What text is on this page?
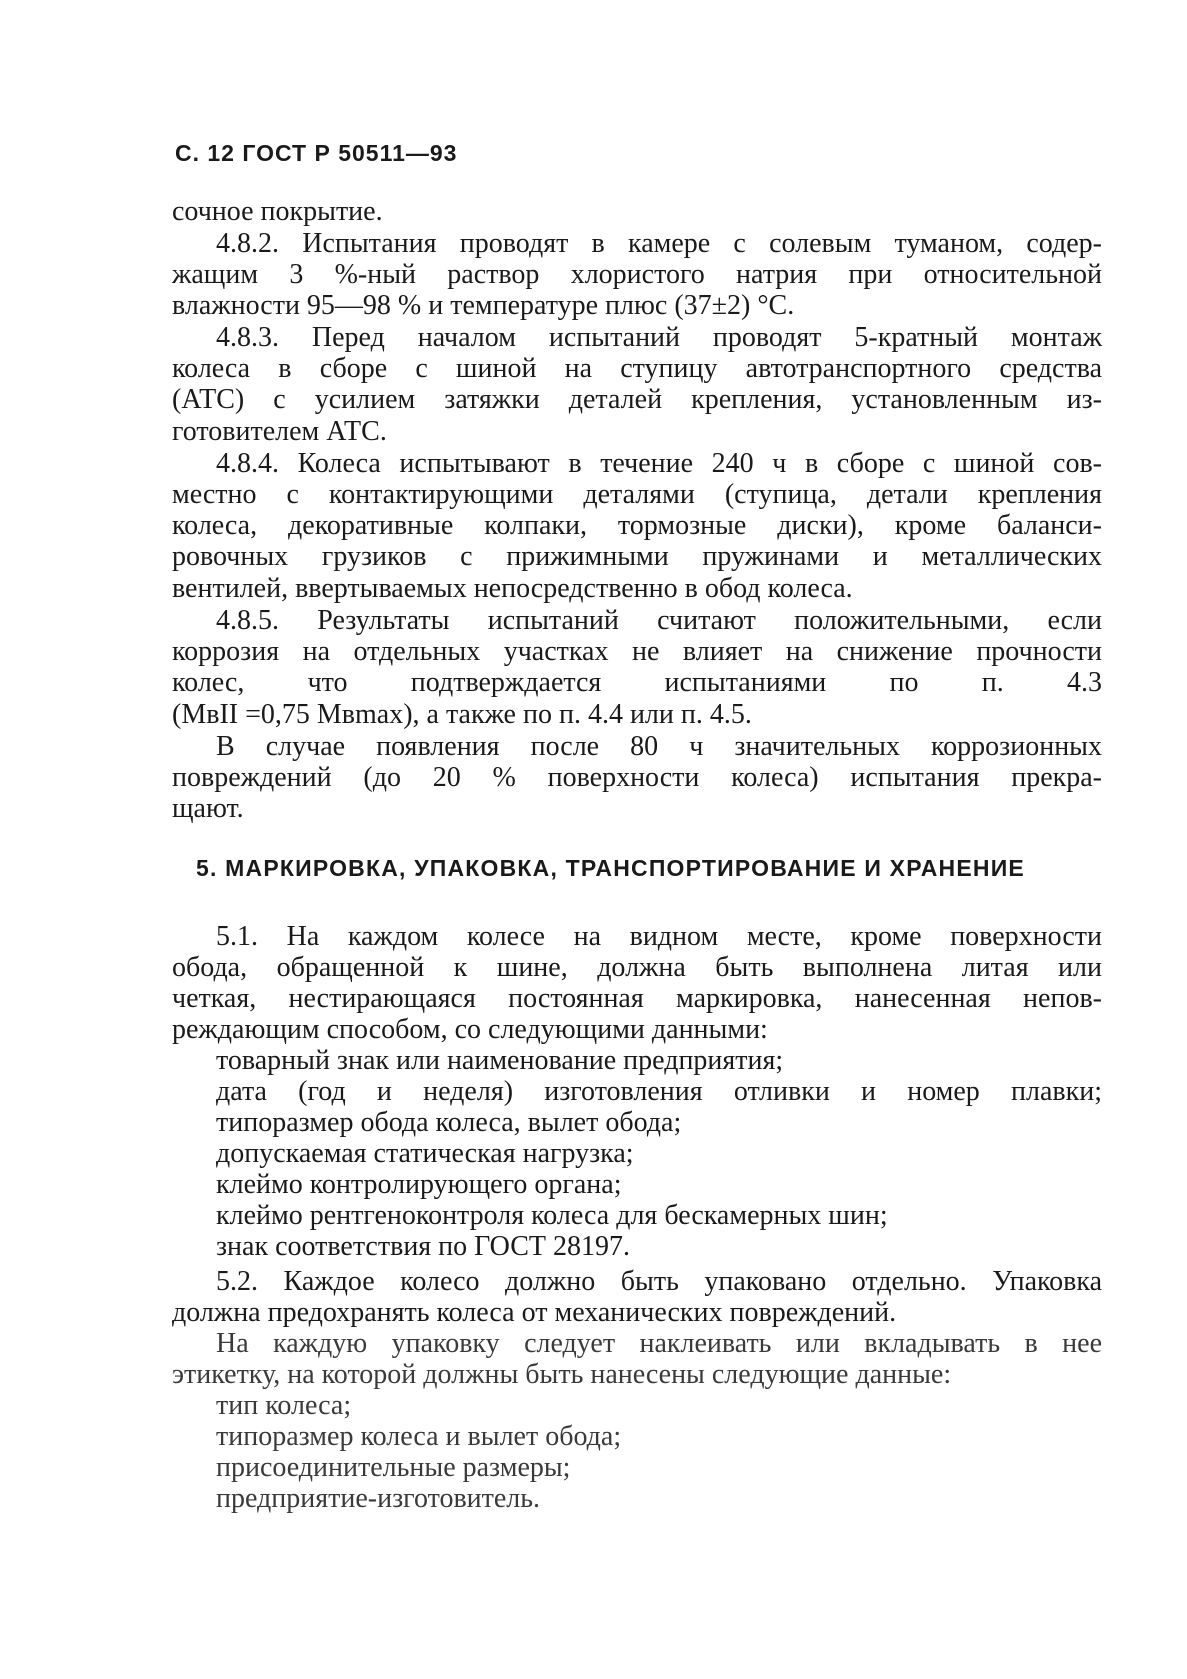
С. 12 ГОСТ Р 50511—93
сочное покрытие.
4.8.2. Испытания проводят в камере с солевым туманом, содер-
жащим 3 %-ный раствор хлористого натрия при относительной
влажности 95—98 % и температуре плюс (37±2) °С.
4.8.3. Перед началом испытаний проводят 5-кратный монтаж
колеса в сборе с шиной на ступицу автотранспортного средства
(АТС) с усилием затяжки деталей крепления, установленным из-
готовителем АТС.
4.8.4. Колеса испытывают в течение 240 ч в сборе с шиной сов-
местно с контактирующими деталями (ступица, детали крепления
колеса, декоративные колпаки, тормозные диски), кроме баланси-
ровочных грузиков с прижимными пружинами и металлических
вентилей, ввертываемых непосредственно в обод колеса.
4.8.5. Результаты испытаний считают положительными, если
коррозия на отдельных участках не влияет на снижение прочности
колес, что подтверждается испытаниями по п. 4.3
(MвII =0,75 Mвmax), а также по п. 4.4 или п. 4.5.
В случае появления после 80 ч значительных коррозионных
повреждений (до 20 % поверхности колеса) испытания прекра-
щают.
5. МАРКИРОВКА, УПАКОВКА, ТРАНСПОРТИРОВАНИЕ И ХРАНЕНИЕ
5.1. На каждом колесе на видном месте, кроме поверхности
обода, обращенной к шине, должна быть выполнена литая или
четкая, нестирающаяся постоянная маркировка, нанесенная непов-
реждающим способом, со следующими данными:
товарный знак или наименование предприятия;
дата (год и неделя) изготовления отливки и номер плавки;
типоразмер обода колеса, вылет обода;
допускаемая статическая нагрузка;
клеймо контролирующего органа;
клеймо рентгеноконтроля колеса для бескамерных шин;
знак соответствия по ГОСТ 28197.
5.2. Каждое колесо должно быть упаковано отдельно. Упаковка
должна предохранять колеса от механических повреждений.
На каждую упаковку следует наклеивать или вкладывать в нее
этикетку, на которой должны быть нанесены следующие данные:
тип колеса;
типоразмер колеса и вылет обода;
присоединительные размеры;
предприятие-изготовитель.
